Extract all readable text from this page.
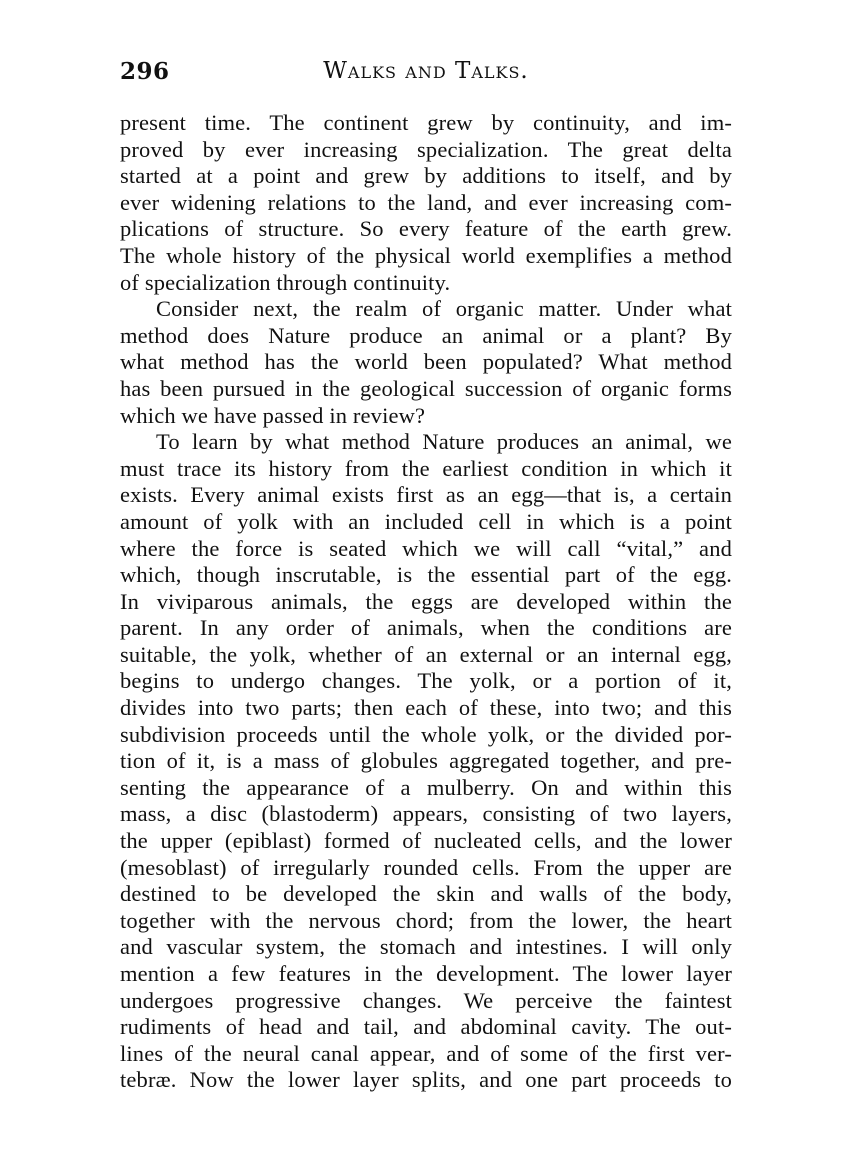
296	Walks and Talks.
present time. The continent grew by continuity, and im-
proved by ever increasing specialization. The great delta
started at a point and grew by additions to itself, and by
ever widening relations to the land, and ever increasing com-
plications of structure. So every feature of the earth grew.
The whole history of the physical world exemplifies a method
of specialization through continuity.
Consider next, the realm of organic matter. Under what
method does Nature produce an animal or a plant? By
what method has the world been populated? What method
has been pursued in the geological succession of organic forms
which we have passed in review?
To learn by what method Nature produces an animal, we
must trace its history from the earliest condition in which it
exists. Every animal exists first as an egg—that is, a certain
amount of yolk with an included cell in which is a point
where the force is seated which we will call “vital,” and
which, though inscrutable, is the essential part of the egg.
In viviparous animals, the eggs are developed within the
parent. In any order of animals, when the conditions are
suitable, the yolk, whether of an external or an internal egg,
begins to undergo changes. The yolk, or a portion of it,
divides into two parts; then each of these, into two; and this
subdivision proceeds until the whole yolk, or the divided por-
tion of it, is a mass of globules aggregated together, and pre-
senting the appearance of a mulberry. On and within this
mass, a disc (blastoderm) appears, consisting of two layers,
the upper (epiblast) formed of nucleated cells, and the lower
(mesoblast) of irregularly rounded cells. From the upper are
destined to be developed the skin and walls of the body,
together with the nervous chord; from the lower, the heart
and vascular system, the stomach and intestines. I will only
mention a few features in the development. The lower layer
undergoes progressive changes. We perceive the faintest
rudiments of head and tail, and abdominal cavity. The out-
lines of the neural canal appear, and of some of the first ver-
tebræ. Now the lower layer splits, and one part proceeds to
